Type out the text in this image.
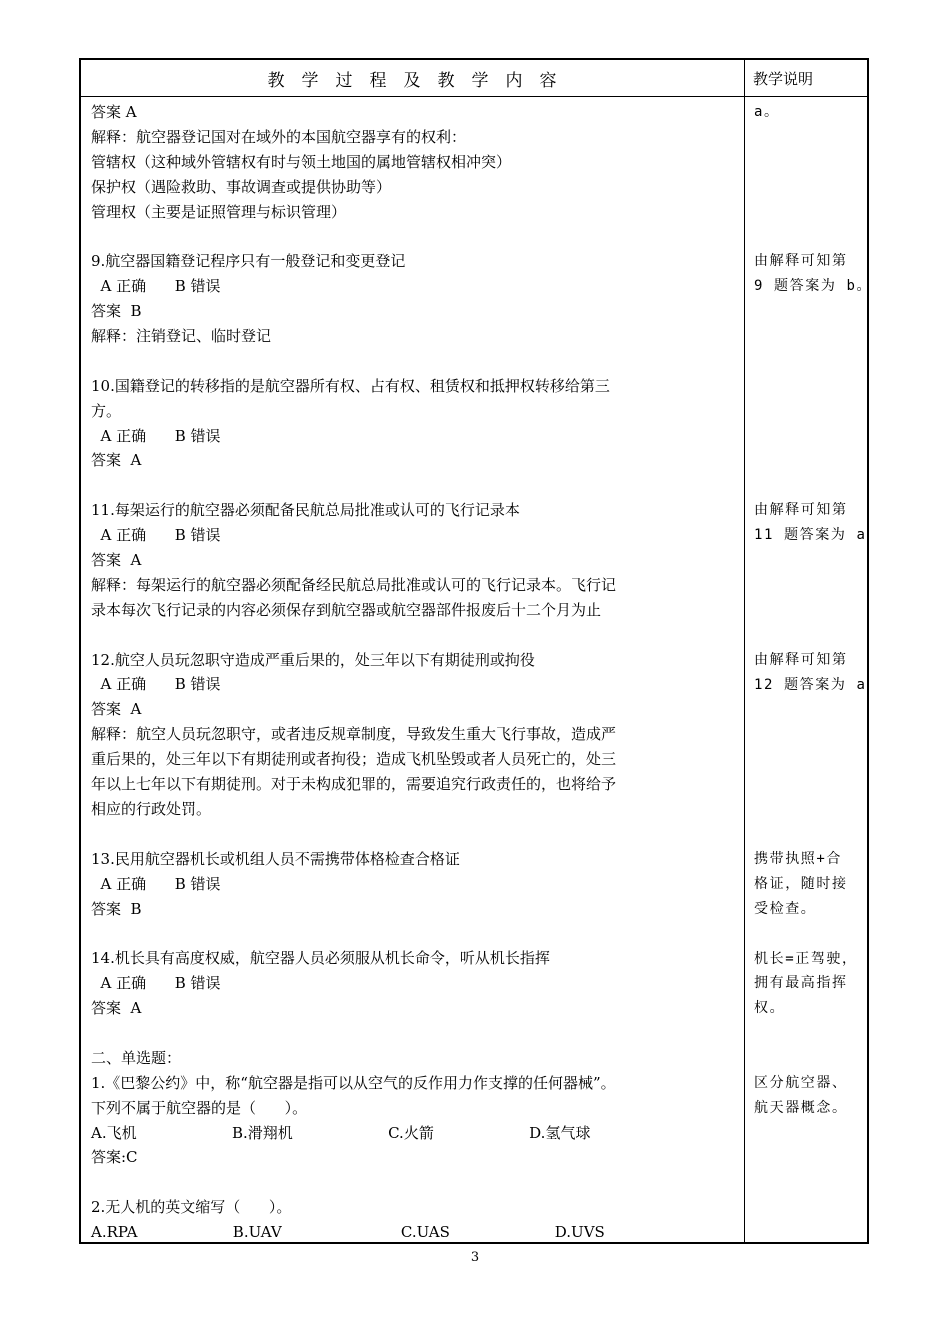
教学过程及教学内容	教学说明
答案 A
解释：航空器登记国对在域外的本国航空器享有的权利：
管辖权（这种域外管辖权有时与领土地国的属地管辖权相冲突）
保护权（遇险救助、事故调查或提供协助等）
管理权（主要是证照管理与标识管理）
9.航空器国籍登记程序只有一般登记和变更登记
A 正确      B 错误
答案  B
解释：注销登记、临时登记
10.国籍登记的转移指的是航空器所有权、占有权、租赁权和抵押权转移给第三
方。
A 正确      B 错误
答案  A
11.每架运行的航空器必须配备民航总局批准或认可的飞行记录本
A 正确      B 错误
答案  A
解释：每架运行的航空器必须配备经民航总局批准或认可的飞行记录本。飞行记
录本每次飞行记录的内容必须保存到航空器或航空器部件报废后十二个月为止
12.航空人员玩忽职守造成严重后果的，处三年以下有期徒刑或拘役
A 正确      B 错误
答案  A
解释：航空人员玩忽职守，或者违反规章制度，导致发生重大飞行事故，造成严
重后果的，处三年以下有期徒刑或者拘役；造成飞机坠毁或者人员死亡的，处三
年以上七年以下有期徒刑。对于未构成犯罪的，需要追究行政责任的，也将给予
相应的行政处罚。
13.民用航空器机长或机组人员不需携带体格检查合格证
A 正确      B 错误
答案  B
14.机长具有高度权威，航空器人员必须服从机长命令，听从机长指挥
A 正确      B 错误
答案  A
二、单选题：
1.《巴黎公约》中，称“航空器是指可以从空气的反作用力作支撑的任何器械”。
下列不属于航空器的是（      ）。
A.飞机                    B.滑翔机                    C.火箭                    D.氢气球
答案:C
2.无人机的英文缩写（      ）。
A.RPA                    B.UAV                         C.UAS                      D.UVS
a。
由解释可知第
9 题答案为 b。
由解释可知第
11 题答案为 a
由解释可知第
12 题答案为 a
携带执照+合
格证，随时接
受检查。
机长=正驾驶，
拥有最高指挥
权。
区分航空器、
航天器概念。
3
